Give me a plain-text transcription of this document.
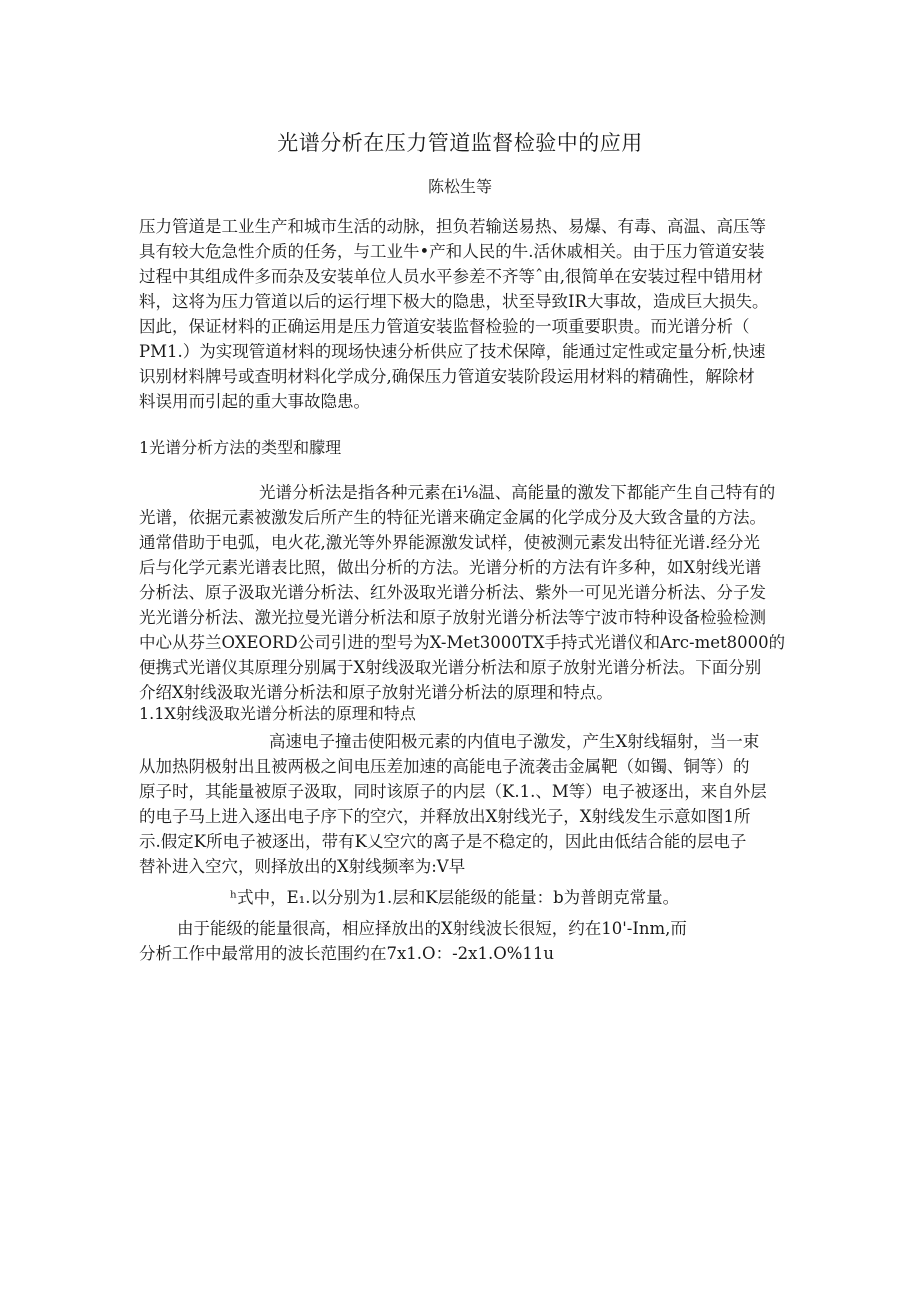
光谱分析在压力管道监督检验中的应用
陈松生等
压力管道是工业生产和城市生活的动脉，担负若输送易热、易爆、有毒、高温、高压等
具有较大危急性介质的任务，与工业牛•产和人民的牛.活休戚相关。由于压力管道安装
过程中其组成件多而杂及安装单位人员水平参差不齐等ˆ由,很简单在安装过程中错用材
料，这将为压力管道以后的运行埋下极大的隐患，状至导致IR大事故，造成巨大损失。
因此，保证材料的正确运用是压力管道安装监督检验的一项重要职贵。而光谱分析（
PM1.）为实现管道材料的现场快速分析供应了技术保障，能通过定性或定量分析,快速
识别材料牌号或查明材料化学成分,确保压力管道安装阶段运用材料的精确性，解除材
料误用而引起的重大事故隐患。
1光谱分析方法的类型和朦理
光谱分析法是指各种元素在i⅛温、高能量的激发下都能产生自己特有的
光谱，依据元素被激发后所产生的特征光谱来确定金属的化学成分及大致含量的方法。
通常借助于电弧，电火花,激光等外界能源激发试样，使被测元素发出特征光谱.经分光
后与化学元素光谱表比照，做出分析的方法。光谱分析的方法有许多种，如X射线光谱
分析法、原子汲取光谱分析法、红外汲取光谱分析法、紫外一可见光谱分析法、分子发
光光谱分析法、激光拉曼光谱分析法和原子放射光谱分析法等宁波市特种设备检验检测
中心从芬兰OXEORD公司引进的型号为X-Met3000TX手持式光谱仪和Arc-met8000的
便携式光谱仪其原理分别属于X射线汲取光谱分析法和原子放射光谱分析法。下面分别
介绍X射线汲取光谱分析法和原子放射光谱分析法的原理和特点。
1.1X射线汲取光谱分析法的原理和特点
高速电子撞击使阳极元素的内值电子激发，产生X射线辐射，当一束
从加热阴极射出且被两极之间电压差加速的高能电子流袭击金属靶（如镯、铜等）的
原子时，其能量被原子汲取，同时该原子的内层（K.1.、M等）电子被逐出，来自外层
的电子马上进入逐出电子序下的空穴，并释放出X射线光子，X射线发生示意如图1所
示.假定K所电子被逐出，带有K乂空穴的离子是不稳定的，因此由低结合能的层电子
替补进入空穴，则择放出的X射线频率为:V早
ʰ式中，E₁.以分别为1.层和K层能级的能量：b为普朗克常量。
由于能级的能量很高，相应择放出的X射线波长很短，约在10'-Inm,而
分析工作中最常用的波长范围约在7x1.O：-2x1.O%11u
